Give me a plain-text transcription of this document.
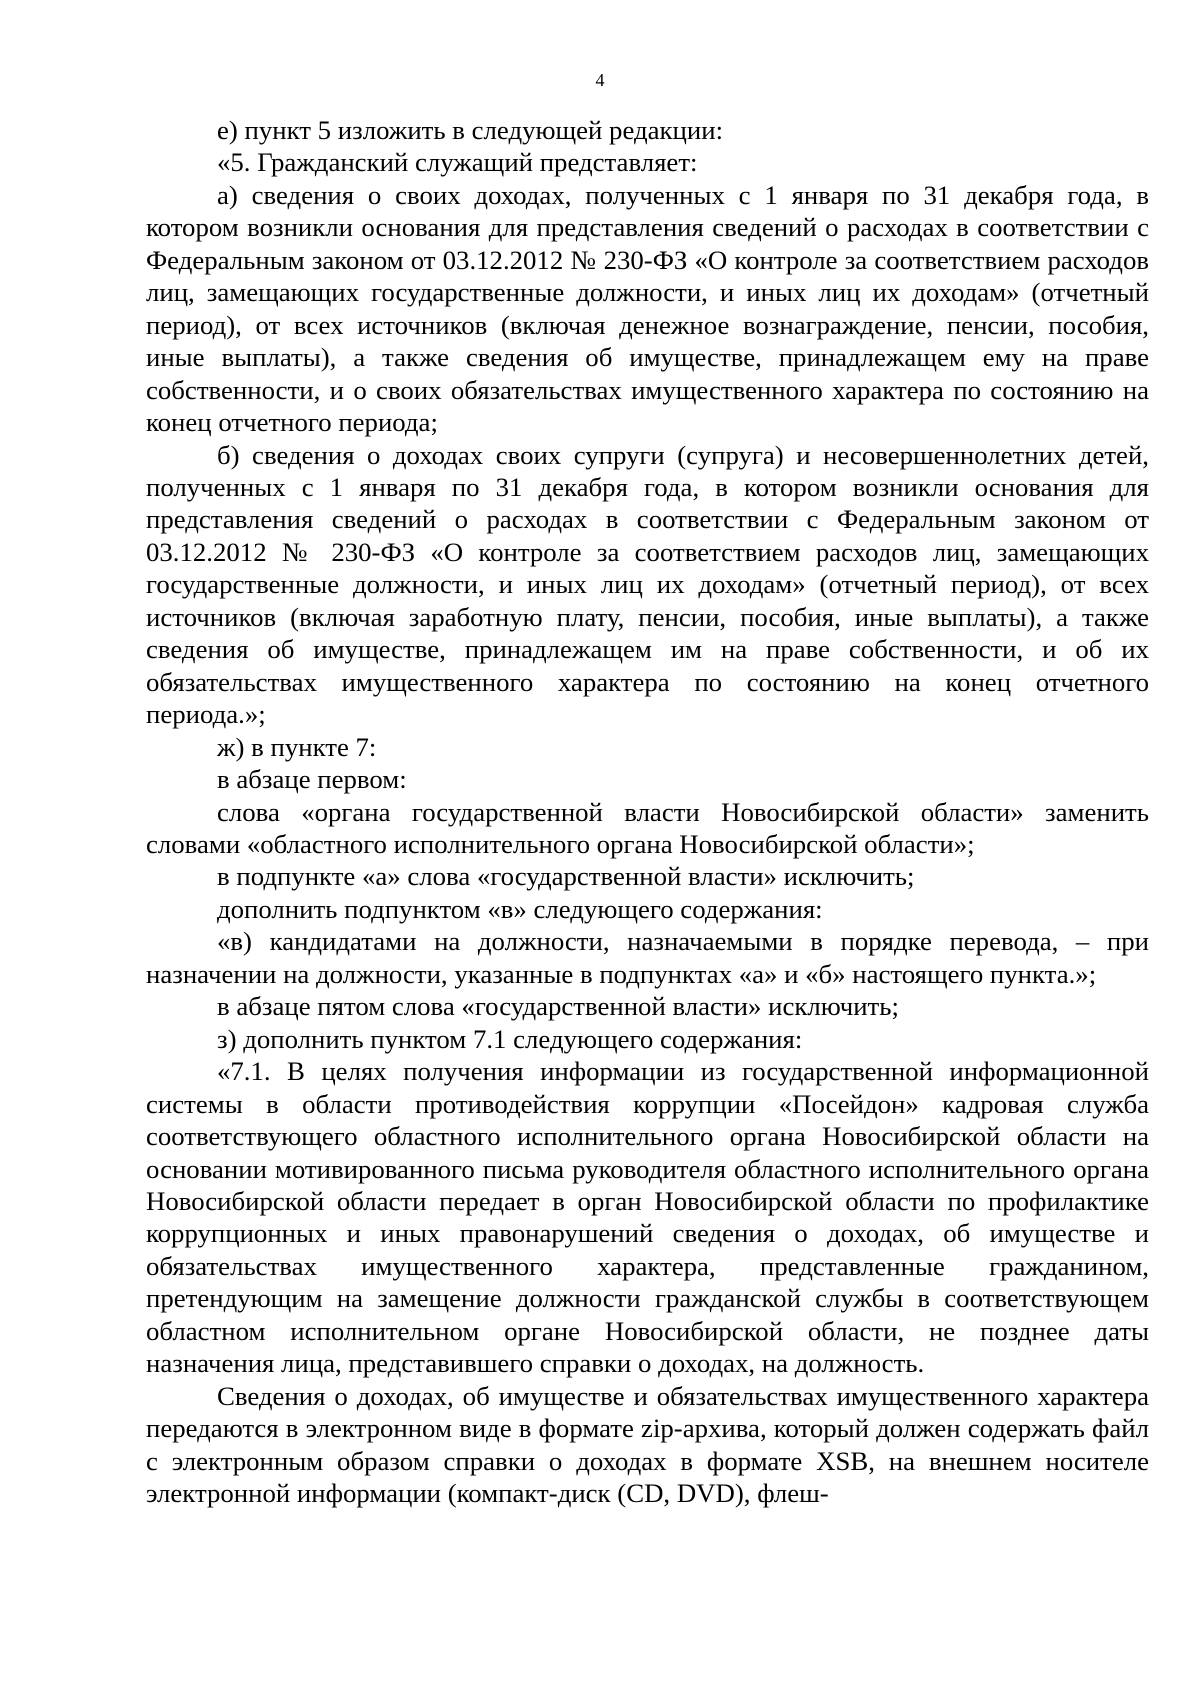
4

е) пункт 5 изложить в следующей редакции:

«5. Гражданский служащий представляет:

а) сведения о своих доходах, полученных с 1 января по 31 декабря года, в котором возникли основания для представления сведений о расходах в соответствии с Федеральным законом от 03.12.2012 № 230-ФЗ «О контроле за соответствием расходов лиц, замещающих государственные должности, и иных лиц их доходам» (отчетный период), от всех источников (включая денежное вознаграждение, пенсии, пособия, иные выплаты), а также сведения об имуществе, принадлежащем ему на праве собственности, и о своих обязательствах имущественного характера по состоянию на конец отчетного периода;

б) сведения о доходах своих супруги (супруга) и несовершеннолетних детей, полученных с 1 января по 31 декабря года, в котором возникли основания для представления сведений о расходах в соответствии с Федеральным законом от 03.12.2012 № 230-ФЗ «О контроле за соответствием расходов лиц, замещающих государственные должности, и иных лиц их доходам» (отчетный период), от всех источников (включая заработную плату, пенсии, пособия, иные выплаты), а также сведения об имуществе, принадлежащем им на праве собственности, и об их обязательствах имущественного характера по состоянию на конец отчетного периода.»;

ж) в пункте 7:

в абзаце первом:

слова «органа государственной власти Новосибирской области» заменить словами «областного исполнительного органа Новосибирской области»;

в подпункте «а» слова «государственной власти» исключить;

дополнить подпунктом «в» следующего содержания:

«в) кандидатами на должности, назначаемыми в порядке перевода, – при назначении на должности, указанные в подпунктах «а» и «б» настоящего пункта.»;

в абзаце пятом слова «государственной власти» исключить;

з) дополнить пунктом 7.1 следующего содержания:

«7.1. В целях получения информации из государственной информационной системы в области противодействия коррупции «Посейдон» кадровая служба соответствующего областного исполнительного органа Новосибирской области на основании мотивированного письма руководителя областного исполнительного органа Новосибирской области передает в орган Новосибирской области по профилактике коррупционных и иных правонарушений сведения о доходах, об имуществе и обязательствах имущественного характера, представленные гражданином, претендующим на замещение должности гражданской службы в соответствующем областном исполнительном органе Новосибирской области, не позднее даты назначения лица, представившего справки о доходах, на должность.

Сведения о доходах, об имуществе и обязательствах имущественного характера передаются в электронном виде в формате zip-архива, который должен содержать файл с электронным образом справки о доходах в формате XSB, на внешнем носителе электронной информации (компакт-диск (CD, DVD), флеш-
